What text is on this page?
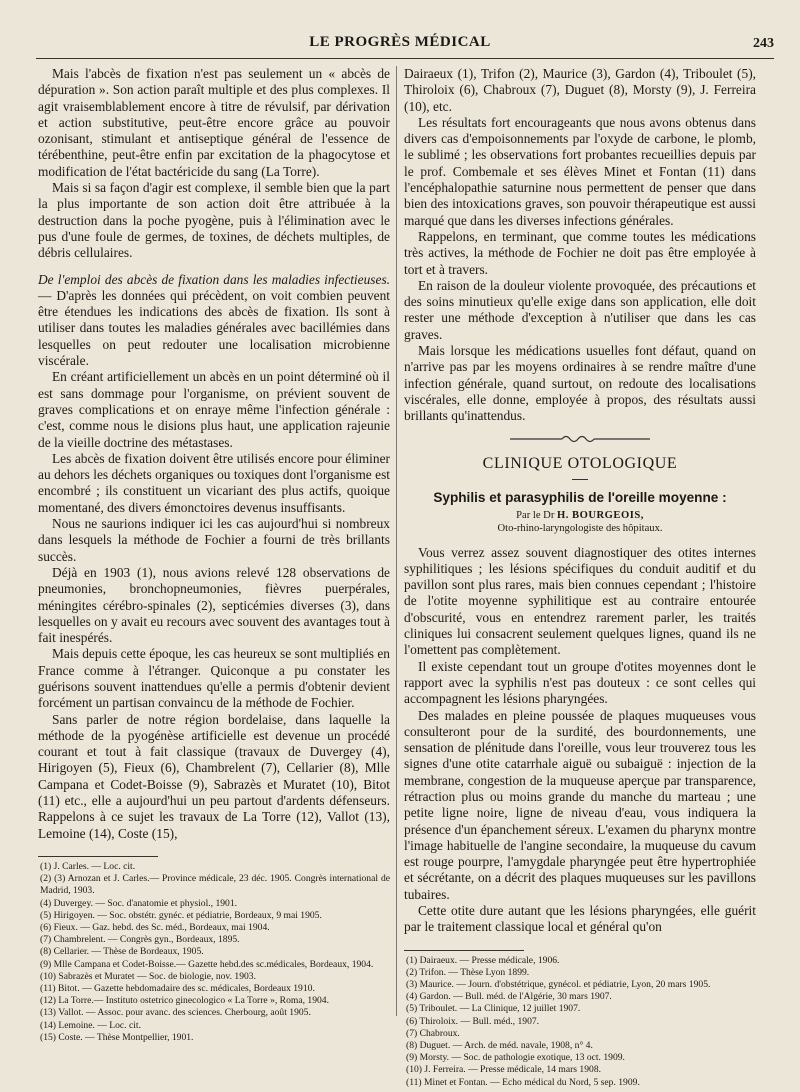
LE PROGRÈS MÉDICAL	243

Mais l'abcès de fixation n'est pas seulement un « abcès de dépuration ». Son action paraît multiple et des plus complexes. Il agit vraisemblablement encore à titre de révulsif, par dérivation et action substitutive, peut-être encore grâce au pouvoir ozonisant, stimulant et antiseptique général de l'essence de térébenthine, peut-être enfin par excitation de la phagocytose et modification de l'état bactéricide du sang (La Torre).

Mais si sa façon d'agir est complexe, il semble bien que la part la plus importante de son action doit être attribuée à la destruction dans la poche pyogène, puis à l'élimination avec le pus d'une foule de germes, de toxines, de déchets multiples, de débris cellulaires.

De l'emploi des abcès de fixation dans les maladies infectieuses. — D'après les données qui précèdent, on voit combien peuvent être étendues les indications des abcès de fixation. Ils sont à utiliser dans toutes les maladies générales avec bacillémies dans lesquelles on peut redouter une localisation microbienne viscérale.

En créant artificiellement un abcès en un point déterminé où il est sans dommage pour l'organisme, on prévient souvent de graves complications et on enraye même l'infection générale : c'est, comme nous le disions plus haut, une application rajeunie de la vieille doctrine des métastases.

Les abcès de fixation doivent être utilisés encore pour éliminer au dehors les déchets organiques ou toxiques dont l'organisme est encombré ; ils constituent un vicariant des plus actifs, quoique momentané, des divers émonctoires devenus insuffisants.

Nous ne saurions indiquer ici les cas aujourd'hui si nombreux dans lesquels la méthode de Fochier a fourni de très brillants succès.

Déjà en 1903 (1), nous avions relevé 128 observations de pneumonies, bronchopneumonies, fièvres puerpérales, méningites cérébro-spinales (2), septicémies diverses (3), dans lesquelles on y avait eu recours avec souvent des avantages tout à fait inespérés.

Mais depuis cette époque, les cas heureux se sont multipliés en France comme à l'étranger. Quiconque a pu constater les guérisons souvent inattendues qu'elle a permis d'obtenir devient forcément un partisan convaincu de la méthode de Fochier.

Sans parler de notre région bordelaise, dans laquelle la méthode de la pyogénèse artificielle est devenue un procédé courant et tout à fait classique (travaux de Duvergey (4), Hirigoyen (5), Fieux (6), Chambrelent (7), Cellarier (8), Mlle Campana et Codet-Boisse (9), Sabrazès et Muratet (10), Bitot (11) etc., elle a aujourd'hui un peu partout d'ardents défenseurs. Rappelons à ce sujet les travaux de La Torre (12), Vallot (13), Lemoine (14), Coste (15),

(1) J. Carles. — Loc. cit.
(2) (3) Arnozan et J. Carles.— Province médicale, 23 déc. 1905. Congrès international de Madrid, 1903.
(4) Duvergey. — Soc. d'anatomie et physiol., 1901.
(5) Hirigoyen. — Soc. obstétr. gynéc. et pédiatrie, Bordeaux, 9 mai 1905.
(6) Fieux. — Gaz. hebd. des Sc. méd., Bordeaux, mai 1904.
(7) Chambrelent. — Congrès gyn., Bordeaux, 1895.
(8) Cellarier. — Thèse de Bordeaux, 1905.
(9) Mlle Campana et Codet-Boisse.— Gazette hebd.des sc.médicales, Bordeaux, 1904.
(10) Sabrazès et Muratet — Soc. de biologie, nov. 1903.
(11) Bitot. — Gazette hebdomadaire des sc. médicales, Bordeaux 1910.
(12) La Torre.— Instituto ostetrico ginecologico « La Torre », Roma, 1904.
(13) Vallot. — Assoc. pour avanc. des sciences. Cherbourg, août 1905.
(14) Lemoine. — Loc. cit.
(15) Coste. — Thèse Montpellier, 1901.

Dairaeux (1), Trifon (2), Maurice (3), Gardon (4), Triboulet (5), Thiroloix (6), Chabroux (7), Duguet (8), Morsty (9), J. Ferreira (10), etc.

Les résultats fort encourageants que nous avons obtenus dans divers cas d'empoisonnements par l'oxyde de carbone, le plomb, le sublimé ; les observations fort probantes recueillies depuis par le prof. Combemale et ses élèves Minet et Fontan (11) dans l'encéphalopathie saturnine nous permettent de penser que dans bien des intoxications graves, son pouvoir thérapeutique est aussi marqué que dans les diverses infections générales.

Rappelons, en terminant, que comme toutes les médications très actives, la méthode de Fochier ne doit pas être employée à tort et à travers.

En raison de la douleur violente provoquée, des précautions et des soins minutieux qu'elle exige dans son application, elle doit rester une méthode d'exception à n'utiliser que dans les cas graves.

Mais lorsque les médications usuelles font défaut, quand on n'arrive pas par les moyens ordinaires à se rendre maître d'une infection générale, quand surtout, on redoute des localisations viscérales, elle donne, employée à propos, des résultats aussi brillants qu'inattendus.

CLINIQUE OTOLOGIQUE
Syphilis et parasyphilis de l'oreille moyenne :
Par le Dr H. BOURGEOIS,
Oto-rhino-laryngologiste des hôpitaux.

Vous verrez assez souvent diagnostiquer des otites internes syphilitiques ; les lésions spécifiques du conduit auditif et du pavillon sont plus rares, mais bien connues cependant ; l'histoire de l'otite moyenne syphilitique est au contraire entourée d'obscurité, vous en entendrez rarement parler, les traités cliniques lui consacrent seulement quelques lignes, quand ils ne l'omettent pas complètement.

Il existe cependant tout un groupe d'otites moyennes dont le rapport avec la syphilis n'est pas douteux : ce sont celles qui accompagnent les lésions pharyngées.

Des malades en pleine poussée de plaques muqueuses vous consulteront pour de la surdité, des bourdonnements, une sensation de plénitude dans l'oreille, vous leur trouverez tous les signes d'une otite catarrhale aiguë ou subaiguë : injection de la membrane, congestion de la muqueuse aperçue par transparence, rétraction plus ou moins grande du manche du marteau ; une petite ligne noire, ligne de niveau d'eau, vous indiquera la présence d'un épanchement séreux. L'examen du pharynx montre l'image habituelle de l'angine secondaire, la muqueuse du cavum est rouge pourpre, l'amygdale pharyngée peut être hypertrophiée et sécrétante, on a décrit des plaques muqueuses sur les pavillons tubaires.

Cette otite dure autant que les lésions pharyngées, elle guérit par le traitement classique local et général qu'on

(1) Dairaeux. — Presse médicale, 1906.
(2) Trifon. — Thèse Lyon 1899.
(3) Maurice. — Journ. d'obstétrique, gynécol. et pédiatrie, Lyon, 20 mars 1905.
(4) Gardon. — Bull. méd. de l'Algérie, 30 mars 1907.
(5) Triboulet. — La Clinique, 12 juillet 1907.
(6) Thiroloix. — Bull. méd., 1907.
(7) Chabroux.
(8) Duguet. — Arch. de méd. navale, 1908, n° 4.
(9) Morsty. — Soc. de pathologie exotique, 13 oct. 1909.
(10) J. Ferreira. — Presse médicale, 14 mars 1908.
(11) Minet et Fontan. — Echo médical du Nord, 5 sep. 1909.
